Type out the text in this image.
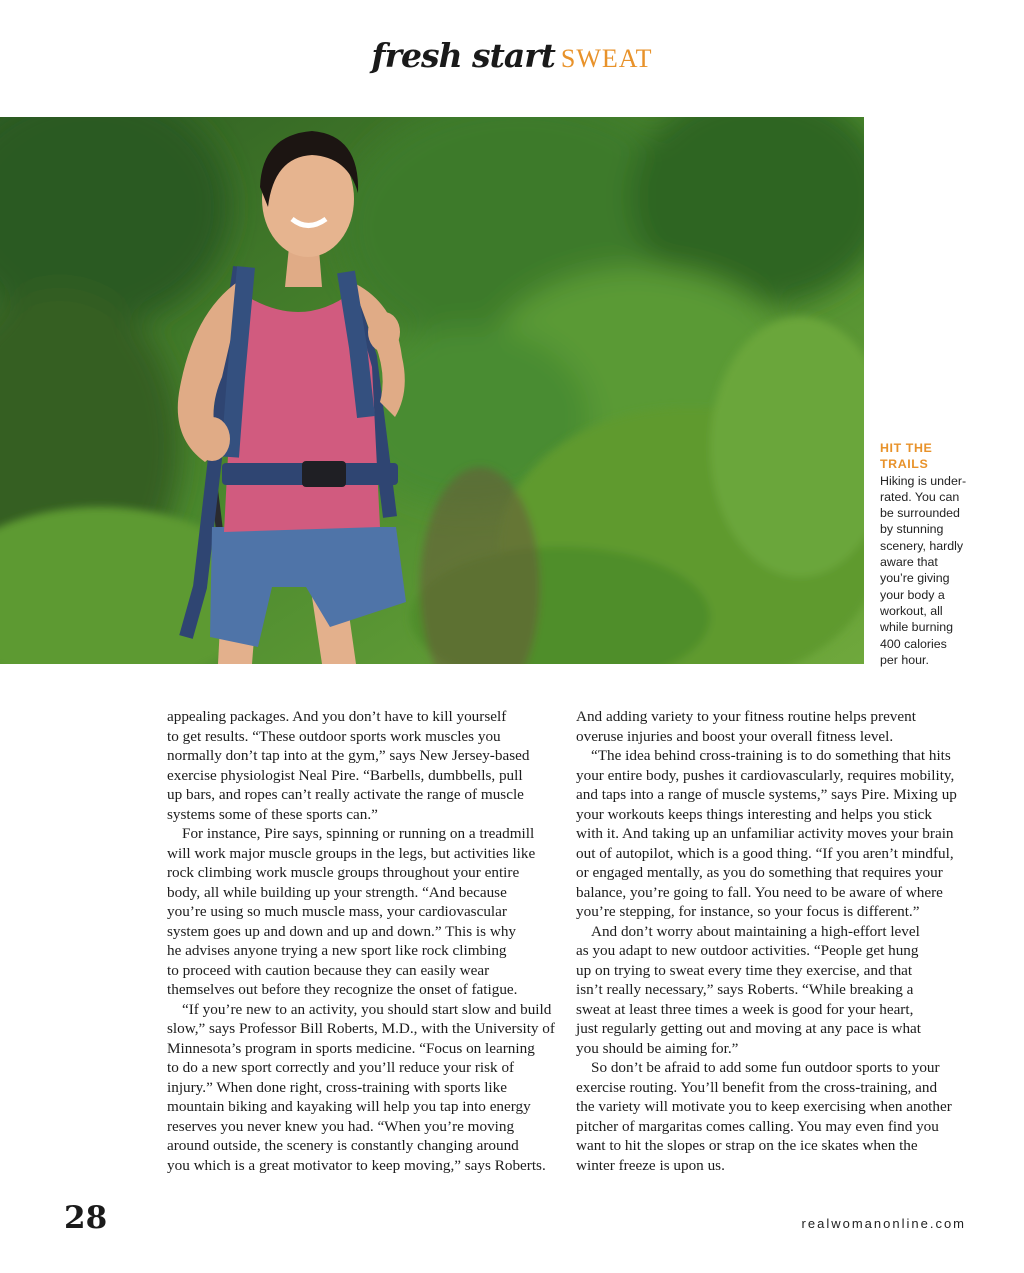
fresh start SWEAT
HIT THE
TRAILS
Hiking is under-
rated. You can
be surrounded
by stunning
scenery, hardly
aware that
you’re giving
your body a
workout, all
while burning
400 calories
per hour.

appealing packages. And you don’t have to kill yourself
to get results. “These outdoor sports work muscles you
normally don’t tap into at the gym,” says New Jersey-based
exercise physiologist Neal Pire. “Barbells, dumbbells, pull
up bars, and ropes can’t really activate the range of muscle
systems some of these sports can.”

For instance, Pire says, spinning or running on a treadmill
will work major muscle groups in the legs, but activities like
rock climbing work muscle groups throughout your entire
body, all while building up your strength. “And because
you’re using so much muscle mass, your cardiovascular
system goes up and down and up and down.” This is why
he advises anyone trying a new sport like rock climbing
to proceed with caution because they can easily wear
themselves out before they recognize the onset of fatigue.

“If you’re new to an activity, you should start slow and build
slow,” says Professor Bill Roberts, M.D., with the University of
Minnesota’s program in sports medicine. “Focus on learning
to do a new sport correctly and you’ll reduce your risk of
injury.” When done right, cross-training with sports like
mountain biking and kayaking will help you tap into energy
reserves you never knew you had. “When you’re moving
around outside, the scenery is constantly changing around
you which is a great motivator to keep moving,” says Roberts.

And adding variety to your fitness routine helps prevent
overuse injuries and boost your overall fitness level.

“The idea behind cross-training is to do something that hits
your entire body, pushes it cardiovascularly, requires mobility,
and taps into a range of muscle systems,” says Pire. Mixing up
your workouts keeps things interesting and helps you stick
with it. And taking up an unfamiliar activity moves your brain
out of autopilot, which is a good thing. “If you aren’t mindful,
or engaged mentally, as you do something that requires your
balance, you’re going to fall. You need to be aware of where
you’re stepping, for instance, so your focus is different.”

And don’t worry about maintaining a high-effort level
as you adapt to new outdoor activities. “People get hung
up on trying to sweat every time they exercise, and that
isn’t really necessary,” says Roberts. “While breaking a
sweat at least three times a week is good for your heart,
just regularly getting out and moving at any pace is what
you should be aiming for.”

So don’t be afraid to add some fun outdoor sports to your
exercise routing. You’ll benefit from the cross-training, and
the variety will motivate you to keep exercising when another
pitcher of margaritas comes calling. You may even find you
want to hit the slopes or strap on the ice skates when the
winter freeze is upon us.

28	realwomanonline.com
